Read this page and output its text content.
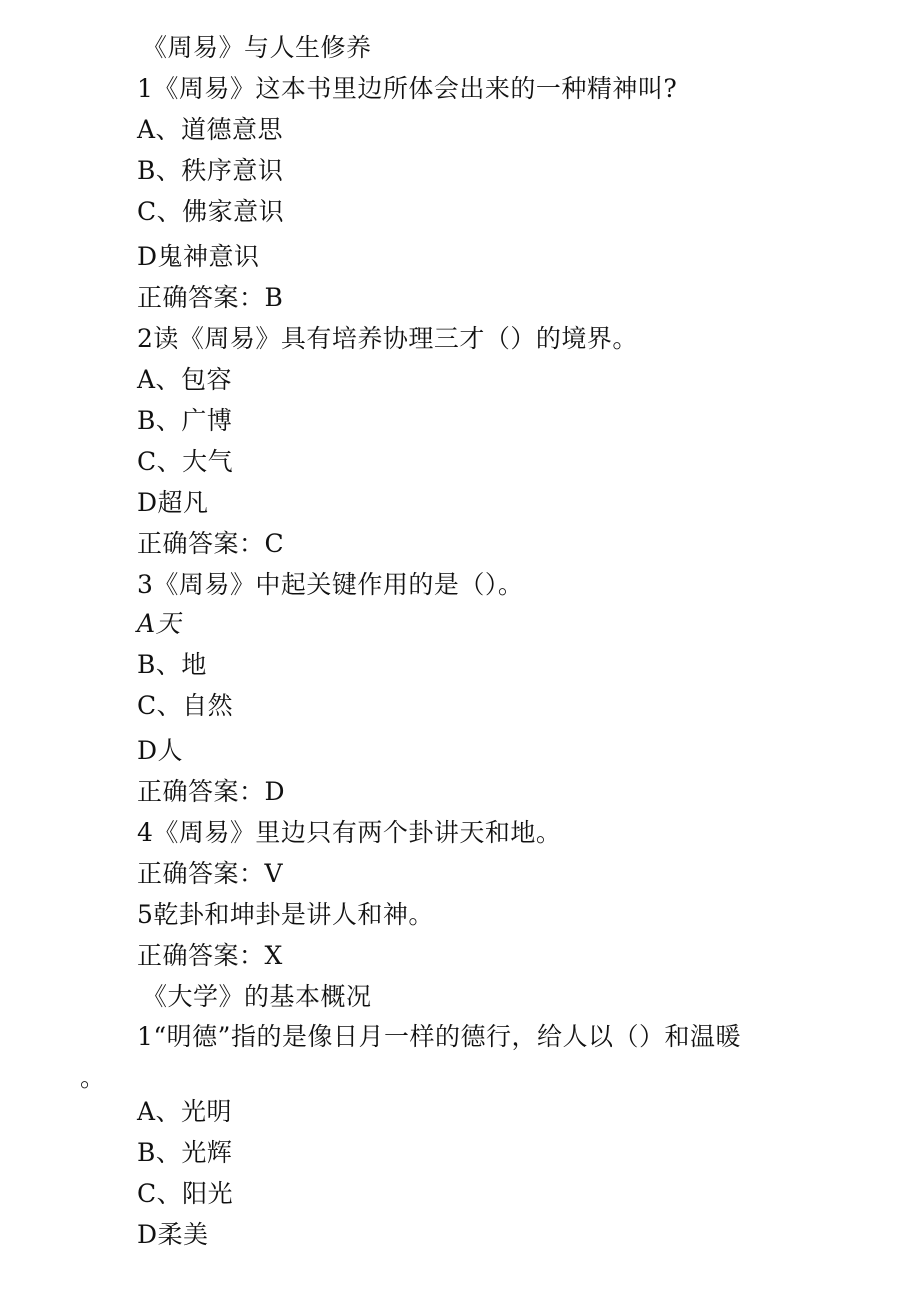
《周易》与人生修养
1《周易》这本书里边所体会出来的一种精神叫?
A、道德意思
B、秩序意识
C、佛家意识
D鬼神意识
正确答案：B
2读《周易》具有培养协理三才（）的境界。
A、包容
B、广博
C、大气
D超凡
正确答案：C
3《周易》中起关键作用的是（）。
A天
B、地
C、自然
D人
正确答案：D
4《周易》里边只有两个卦讲天和地。
正确答案：V
5乾卦和坤卦是讲人和神。
正确答案：X
《大学》的基本概况
1“明德”指的是像日月一样的德行，给人以（）和温暖
。
A、光明
B、光辉
C、阳光
D柔美
